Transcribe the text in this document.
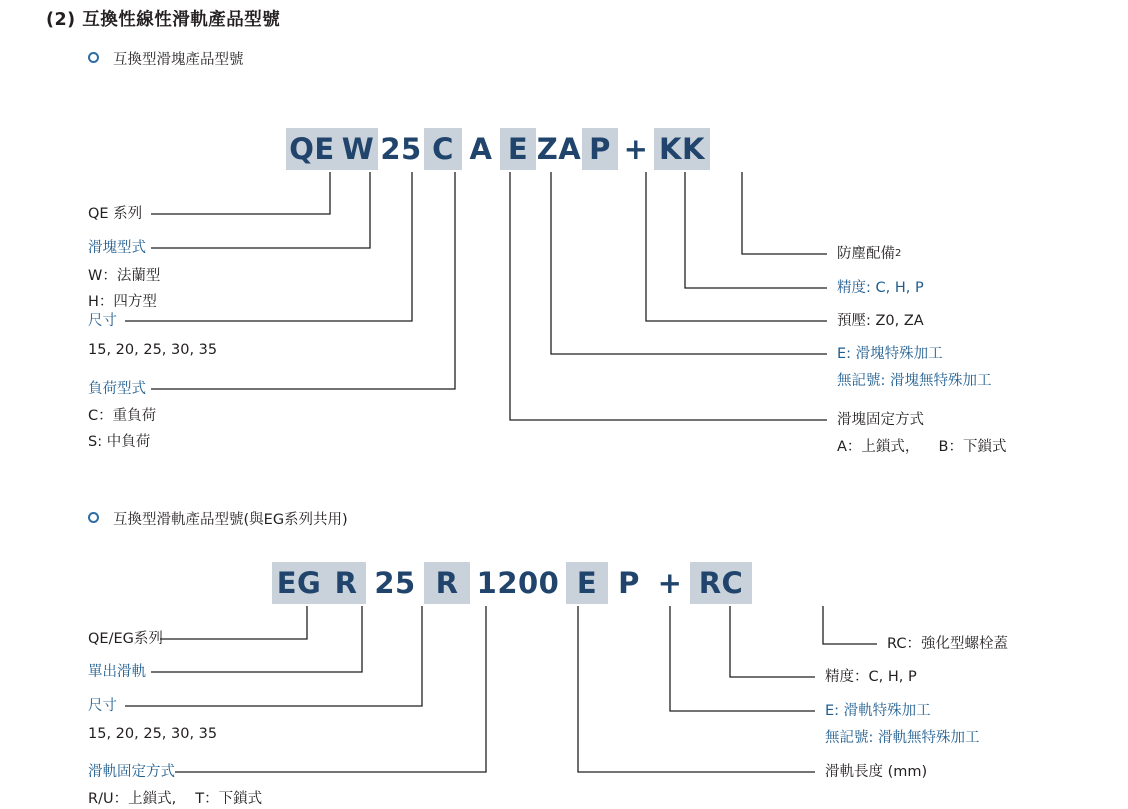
(2) 互換性線性滑軌產品型號
互換型滑塊產品型號
QE W 25 C A E ZA P + KK
互換型滑軌產品型號(與EG系列共用)
EG R 25 R 1200 E P + RC
QE 系列
滑塊型式
W：法蘭型
H：四方型
尺寸
15, 20, 25, 30, 35
負荷型式
C：重負荷
S: 中負荷
防塵配備 2
精度: C, H, P
預壓: Z0, ZA
E: 滑塊特殊加工
無記號: 滑塊無特殊加工
滑塊固定方式
A：上鎖式， 　B：下鎖式
QE/EG系列
單出滑軌
尺寸
15, 20, 25, 30, 35
滑軌固定方式
R/U：上鎖式,　 T：下鎖式
RC：強化型螺栓蓋
精度：C, H, P
E: 滑軌特殊加工
無記號: 滑軌無特殊加工
滑軌長度 (mm)
